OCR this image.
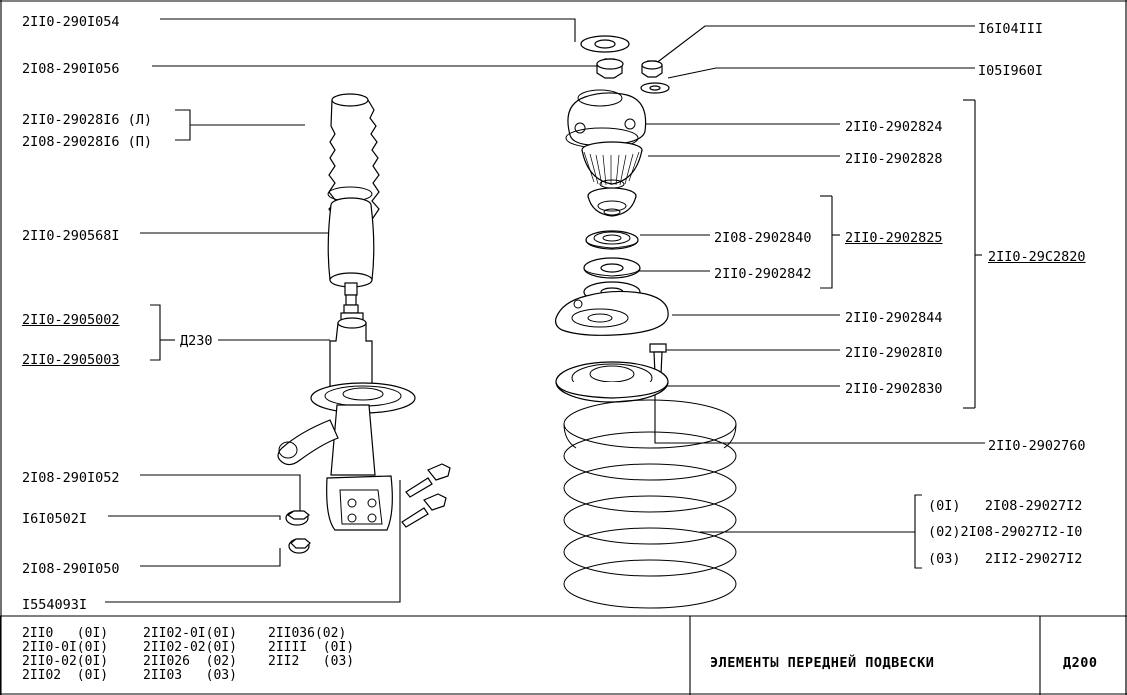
2II0-290I054
2I08-290I056
2II0-29028I6 (Л)
2I08-29028I6 (П)
2II0-290568I
2II0-2905002
2II0-2905003
2I08-290I052
I6I0502I
2I08-290I050
I554093I
Д230
I6I04III
I05I960I
2II0-2902824
2II0-2902828
2I08-2902840
2II0-2902842
2II0-2902825
2II0-29C2820
2II0-2902844
2II0-29028I0
2II0-2902830
2II0-2902760
(0I)   2I08-29027I2
(02)2I08-29027I2-I0
(03)   2II2-29027I2
2II0   (0I)
2II0-0I(0I)
2II0-02(0I)
2II02  (0I)
2II02-0I(0I)
2II02-02(0I)
2II026  (02)
2II03   (03)
2II036(02)
2IIII  (0I)
2II2   (03)	ЭЛЕМЕНТЫ ПЕРЕДНЕЙ ПОДВЕСКИ	Д200
